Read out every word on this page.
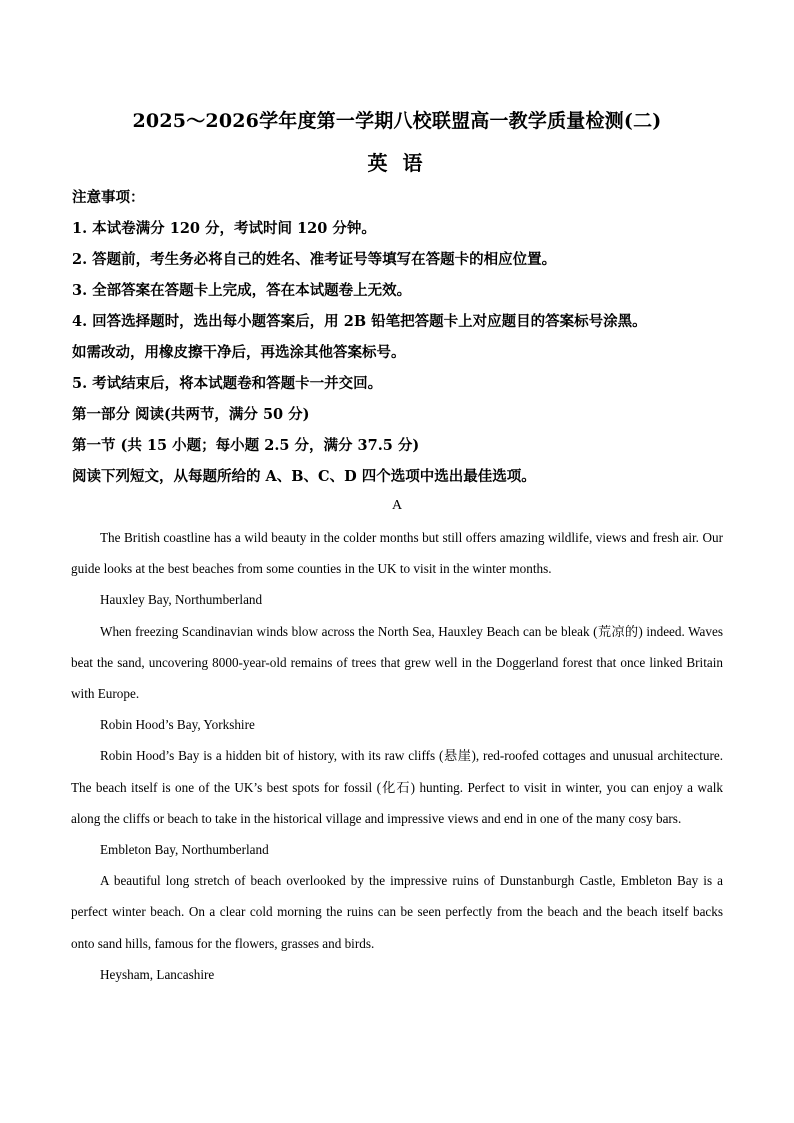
2025～2026学年度第一学期八校联盟高一教学质量检测(二)
英 语
注意事项：
1. 本试卷满分 120 分，考试时间 120 分钟。
2. 答题前，考生务必将自己的姓名、准考证号等填写在答题卡的相应位置。
3. 全部答案在答题卡上完成，答在本试题卷上无效。
4. 回答选择题时，选出每小题答案后，用 2B 铅笔把答题卡上对应题目的答案标号涂黑。
如需改动，用橡皮擦干净后，再选涂其他答案标号。
5. 考试结束后，将本试题卷和答题卡一并交回。
第一部分 阅读(共两节，满分 50 分)
第一节 (共 15 小题；每小题 2.5 分，满分 37.5 分)
阅读下列短文，从每题所给的 A、B、C、D 四个选项中选出最佳选项。
A

The British coastline has a wild beauty in the colder months but still offers amazing wildlife, views and fresh air. Our guide looks at the best beaches from some counties in the UK to visit in the winter months.

Hauxley Bay, Northumberland

When freezing Scandinavian winds blow across the North Sea, Hauxley Beach can be bleak (荒凉的) indeed. Waves beat the sand, uncovering 8000-year-old remains of trees that grew well in the Doggerland forest that once linked Britain with Europe.

Robin Hood’s Bay, Yorkshire

Robin Hood’s Bay is a hidden bit of history, with its raw cliffs (悬崖), red-roofed cottages and unusual architecture. The beach itself is one of the UK’s best spots for fossil (化石) hunting. Perfect to visit in winter, you can enjoy a walk along the cliffs or beach to take in the historical village and impressive views and end in one of the many cosy bars.

Embleton Bay, Northumberland

A beautiful long stretch of beach overlooked by the impressive ruins of Dunstanburgh Castle, Embleton Bay is a perfect winter beach. On a clear cold morning the ruins can be seen perfectly from the beach and the beach itself backs onto sand hills, famous for the flowers, grasses and birds.

Heysham, Lancashire
